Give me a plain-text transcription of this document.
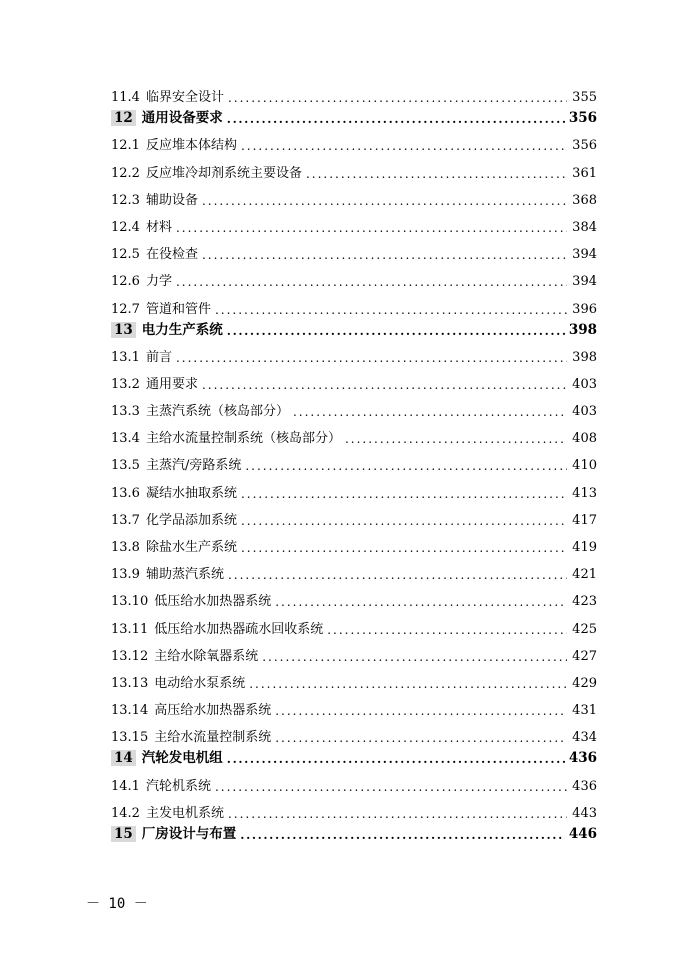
11.4 临界安全设计 .....	355
12 通用设备要求 .....	356
12.1 反应堆本体结构 .....	356
12.2 反应堆冷却剂系统主要设备 .....	361
12.3 辅助设备 .....	368
12.4 材料 .....	384
12.5 在役检查 .....	394
12.6 力学 .....	394
12.7 管道和管件 .....	396
13 电力生产系统 .....	398
13.1 前言 .....	398
13.2 通用要求 .....	403
13.3 主蒸汽系统（核岛部分） .....	403
13.4 主给水流量控制系统（核岛部分） .....	408
13.5 主蒸汽/旁路系统 .....	410
13.6 凝结水抽取系统 .....	413
13.7 化学品添加系统 .....	417
13.8 除盐水生产系统 .....	419
13.9 辅助蒸汽系统 .....	421
13.10 低压给水加热器系统 .....	423
13.11 低压给水加热器疏水回收系统 .....	425
13.12 主给水除氧器系统 .....	427
13.13 电动给水泵系统 .....	429
13.14 高压给水加热器系统 .....	431
13.15 主给水流量控制系统 .....	434
14 汽轮发电机组 .....	436
14.1 汽轮机系统 .....	436
14.2 主发电机系统 .....	443
15 厂房设计与布置 .....	446
－ 10 －
